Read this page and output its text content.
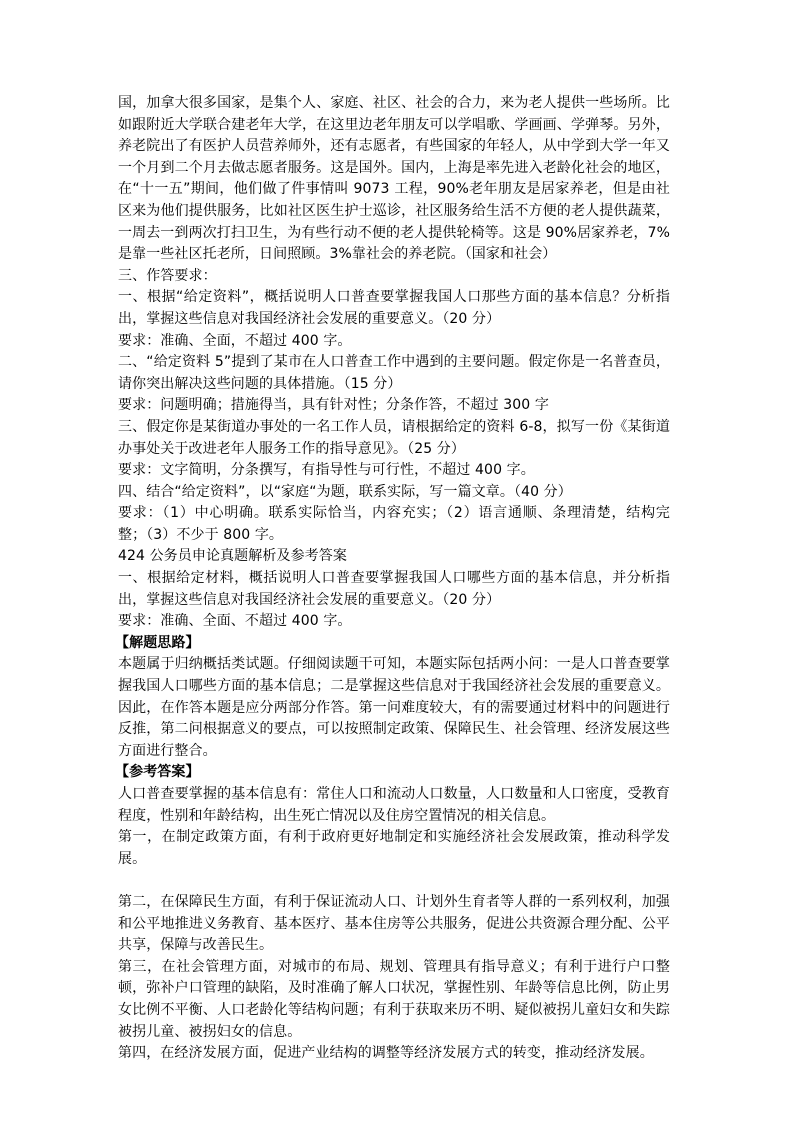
国，加拿大很多国家，是集个人、家庭、社区、社会的合力，来为老人提供一些场所。比如跟附近大学联合建老年大学，在这里边老年朋友可以学唱歌、学画画、学弹琴。另外，养老院出了有医护人员营养师外，还有志愿者，有些国家的年轻人，从中学到大学一年又一个月到二个月去做志愿者服务。这是国外。国内，上海是率先进入老龄化社会的地区，在“十一五”期间，他们做了件事情叫 9073 工程，90%老年朋友是居家养老，但是由社区来为他们提供服务，比如社区医生护士巡诊，社区服务给生活不方便的老人提供蔬菜，一周去一到两次打扫卫生，为有些行动不便的老人提供轮椅等。这是 90%居家养老，7%是靠一些社区托老所，日间照顾。3%靠社会的养老院。（国家和社会）

三、作答要求：

一、根据“给定资料”，概括说明人口普查要掌握我国人口那些方面的基本信息？分析指出，掌握这些信息对我国经济社会发展的重要意义。（20 分）

要求：准确、全面，不超过 400 字。

二、“给定资料 5”提到了某市在人口普查工作中遇到的主要问题。假定你是一名普查员，请你突出解决这些问题的具体措施。（15 分）

要求：问题明确；措施得当，具有针对性；分条作答，不超过 300 字

三、假定你是某街道办事处的一名工作人员，请根据给定的资料 6-8，拟写一份《某街道办事处关于改进老年人服务工作的指导意见》。（25 分）

要求：文字简明，分条撰写，有指导性与可行性，不超过 400 字。

四、结合“给定资料”，以“家庭“为题，联系实际，写一篇文章。（40 分）

要求：（1）中心明确。联系实际恰当，内容充实；（2）语言通顺、条理清楚，结构完整；（3）不少于 800 字。

424 公务员申论真题解析及参考答案

一、根据给定材料，概括说明人口普查要掌握我国人口哪些方面的基本信息，并分析指出，掌握这些信息对我国经济社会发展的重要意义。（20 分）

要求：准确、全面、不超过 400 字。

【解题思路】

本题属于归纳概括类试题。仔细阅读题干可知，本题实际包括两小问：一是人口普查要掌握我国人口哪些方面的基本信息；二是掌握这些信息对于我国经济社会发展的重要意义。因此，在作答本题是应分两部分作答。第一问难度较大，有的需要通过材料中的问题进行反推，第二问根据意义的要点，可以按照制定政策、保障民生、社会管理、经济发展这些方面进行整合。

【参考答案】

人口普查要掌握的基本信息有：常住人口和流动人口数量，人口数量和人口密度，受教育程度，性别和年龄结构，出生死亡情况以及住房空置情况的相关信息。

第一，在制定政策方面，有利于政府更好地制定和实施经济社会发展政策，推动科学发展。

第二，在保障民生方面，有利于保证流动人口、计划外生育者等人群的一系列权利，加强和公平地推进义务教育、基本医疗、基本住房等公共服务，促进公共资源合理分配、公平共享，保障与改善民生。

第三，在社会管理方面，对城市的布局、规划、管理具有指导意义；有利于进行户口整顿，弥补户口管理的缺陷，及时准确了解人口状况，掌握性别、年龄等信息比例，防止男女比例不平衡、人口老龄化等结构问题；有利于获取来历不明、疑似被拐儿童妇女和失踪被拐儿童、被拐妇女的信息。

第四，在经济发展方面，促进产业结构的调整等经济发展方式的转变，推动经济发展。
